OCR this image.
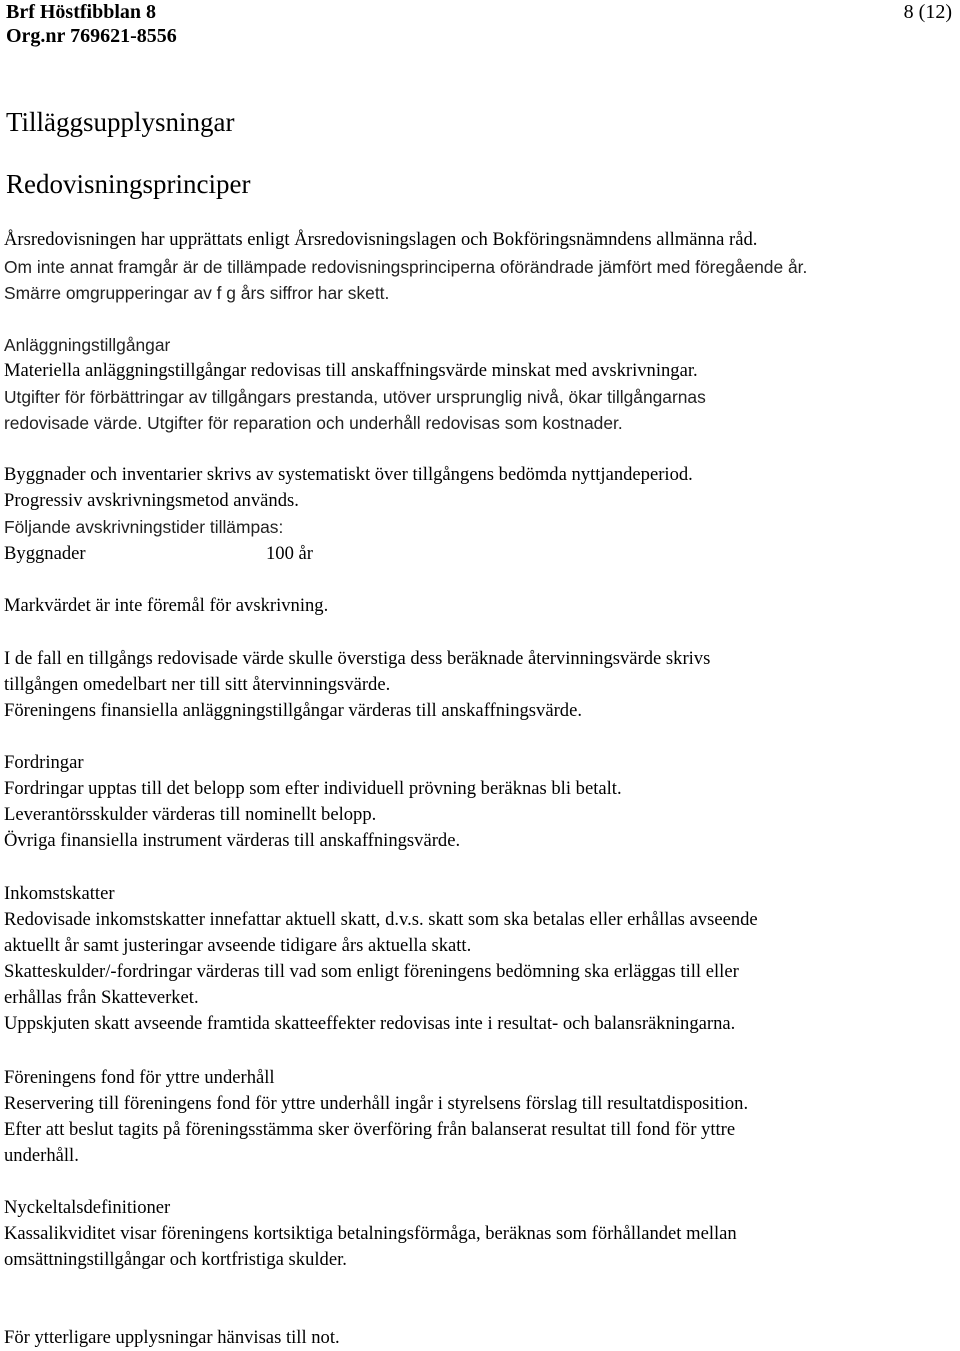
Brf Höstfibblan 8
Org.nr 769621-8556
8 (12)
Tilläggsupplysningar
Redovisningsprinciper
Årsredovisningen har upprättats enligt Årsredovisningslagen och Bokföringsnämndens allmänna råd.
Om inte annat framgår är de tillämpade redovisningsprinciperna oförändrade jämfört med föregående år.
Smärre omgrupperingar av f g års siffror har skett.
Anläggningstillgångar
Materiella anläggningstillgångar redovisas till anskaffningsvärde minskat med avskrivningar.
Utgifter för förbättringar av tillgångars prestanda, utöver ursprunglig nivå, ökar tillgångarnas
redovisade värde. Utgifter för reparation och underhåll redovisas som kostnader.
Byggnader och inventarier skrivs av systematiskt över tillgångens bedömda nyttjandeperiod.
Progressiv avskrivningsmetod används.
Följande avskrivningstider tillämpas:
Byggnader	100 år
Markvärdet är inte föremål för avskrivning.
I de fall en tillgångs redovisade värde skulle överstiga dess beräknade återvinningsvärde skrivs
tillgången omedelbart ner till sitt återvinningsvärde.
Föreningens finansiella anläggningstillgångar värderas till anskaffningsvärde.
Fordringar
Fordringar upptas till det belopp som efter individuell prövning beräknas bli betalt.
Leverantörsskulder värderas till nominellt belopp.
Övriga finansiella instrument värderas till anskaffningsvärde.
Inkomstskatter
Redovisade inkomstskatter innefattar aktuell skatt, d.v.s. skatt som ska betalas eller erhållas avseende
aktuellt år samt justeringar avseende tidigare års aktuella skatt.
Skatteskulder/-fordringar värderas till vad som enligt föreningens bedömning ska erläggas till eller
erhållas från Skatteverket.
Uppskjuten skatt avseende framtida skatteeffekter redovisas inte i resultat- och balansräkningarna.
Föreningens fond för yttre underhåll
Reservering till föreningens fond för yttre underhåll ingår i styrelsens förslag till resultatdisposition.
Efter att beslut tagits på föreningsstämma sker överföring från balanserat resultat till fond för yttre
underhåll.
Nyckeltalsdefinitioner
Kassalikviditet visar föreningens kortsiktiga betalningsförmåga, beräknas som förhållandet mellan
omsättningstillgångar och kortfristiga skulder.
För ytterligare upplysningar hänvisas till not.
